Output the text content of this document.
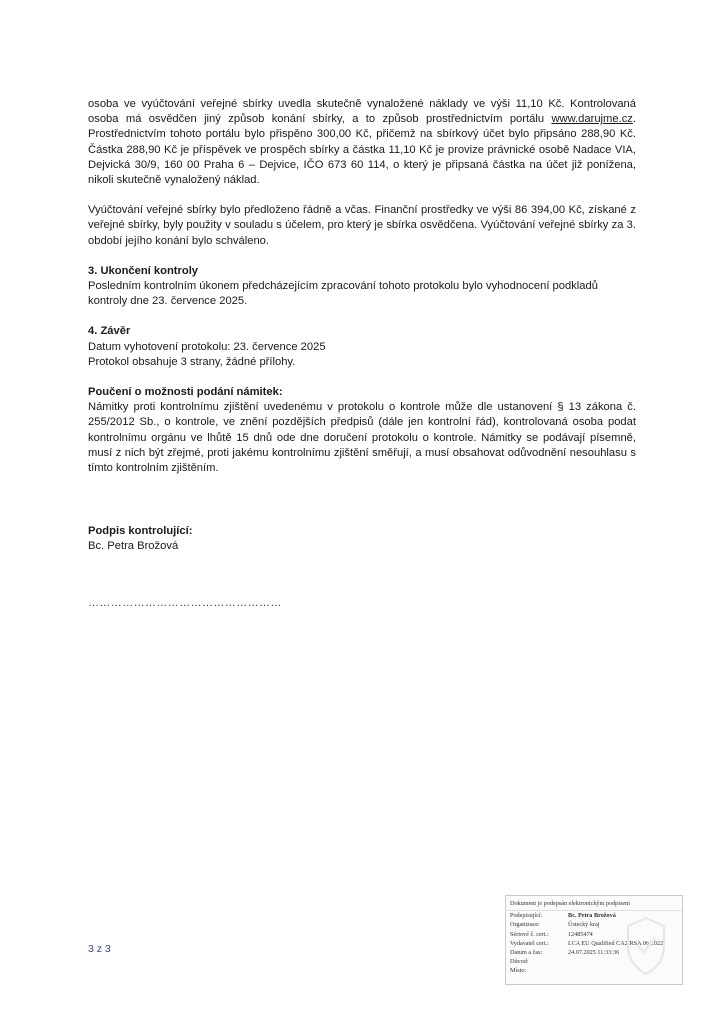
osoba ve vyúčtování veřejné sbírky uvedla skutečně vynaložené náklady ve výši 11,10 Kč. Kontrolovaná osoba má osvědčen jiný způsob konání sbírky, a to způsob prostřednictvím portálu www.darujme.cz. Prostřednictvím tohoto portálu bylo přispěno 300,00 Kč, přičemž na sbírkový účet bylo připsáno 288,90 Kč. Částka 288,90 Kč je příspěvek ve prospěch sbírky a částka 11,10 Kč je provize právnické osobě Nadace VIA, Dejvická 30/9, 160 00 Praha 6 – Dejvice, IČO 673 60 114, o který je připsaná částka na účet již ponížena, nikoli skutečně vynaložený náklad.

Vyúčtování veřejné sbírky bylo předloženo řádně a včas. Finanční prostředky ve výši 86 394,00 Kč, získané z veřejné sbírky, byly použity v souladu s účelem, pro který je sbírka osvědčena. Vyúčtování veřejné sbírky za 3. období jejího konání bylo schváleno.

3. Ukončení kontroly

Posledním kontrolním úkonem předcházejícím zpracování tohoto protokolu bylo vyhodnocení podkladů kontroly dne 23. července 2025.

4. Závěr

Datum vyhotovení protokolu: 23. července 2025

Protokol obsahuje 3 strany, žádné přílohy.

Poučení o možnosti podání námitek:

Námitky proti kontrolnímu zjištění uvedenému v protokolu o kontrole může dle ustanovení § 13 zákona č. 255/2012 Sb., o kontrole, ve znění pozdějších předpisů (dále jen kontrolní řád), kontrolovaná osoba podat kontrolnímu orgánu ve lhůtě 15 dnů ode dne doručení protokolu o kontrole. Námitky se podávají písemně, musí z nich být zřejmé, proti jakému kontrolnímu zjištění směřují, a musí obsahovat odůvodnění nesouhlasu s tímto kontrolním zjištěním.

Podpis kontrolující:

Bc. Petra Brožová

……………………………………………
3 z 3
Dokument je podepsán elektronickým podpisem
Podepisující:	Bc. Petra Brožová
Organizace:	Ústecký kraj
Sériové č. cert.:	12485474
Vydavatel cert.:	I.CA EU Qualified CA2/RSA 06/2022
Datum a čas:	24.07.2025 11:33:36
Důvod:
Místo:
